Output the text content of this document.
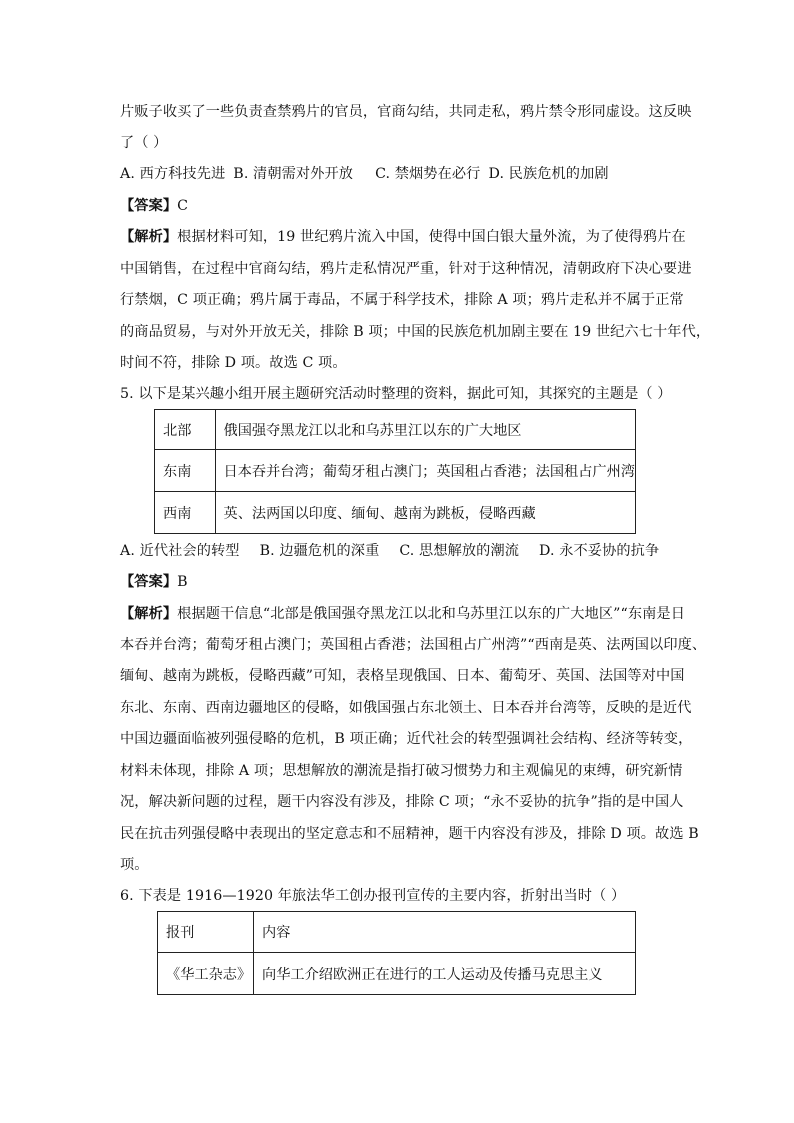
片贩子收买了一些负责查禁鸦片的官员，官商勾结，共同走私，鸦片禁令形同虚设。这反映
了（ ）
A. 西方科技先进 B. 清朝需对外开放 C. 禁烟势在必行 D. 民族危机的加剧
【答案】C
【解析】根据材料可知，19 世纪鸦片流入中国，使得中国白银大量外流，为了使得鸦片在
中国销售，在过程中官商勾结，鸦片走私情况严重，针对于这种情况，清朝政府下决心要进
行禁烟，C 项正确；鸦片属于毒品，不属于科学技术，排除 A 项；鸦片走私并不属于正常
的商品贸易，与对外开放无关，排除 B 项；中国的民族危机加剧主要在 19 世纪六七十年代，
时间不符，排除 D 项。故选 C 项。
5. 以下是某兴趣小组开展主题研究活动时整理的资料，据此可知，其探究的主题是（ ）
北部	俄国强夺黑龙江以北和乌苏里江以东的广大地区
东南	日本吞并台湾；葡萄牙租占澳门；英国租占香港；法国租占广州湾
西南	英、法两国以印度、缅甸、越南为跳板，侵略西藏
A. 近代社会的转型 B. 边疆危机的深重 C. 思想解放的潮流 D. 永不妥协的抗争
【答案】B
【解析】根据题干信息“北部是俄国强夺黑龙江以北和乌苏里江以东的广大地区”“东南是日
本吞并台湾；葡萄牙租占澳门；英国租占香港；法国租占广州湾”“西南是英、法两国以印度、
缅甸、越南为跳板，侵略西藏”可知，表格呈现俄国、日本、葡萄牙、英国、法国等对中国
东北、东南、西南边疆地区的侵略，如俄国强占东北领土、日本吞并台湾等，反映的是近代
中国边疆面临被列强侵略的危机，B 项正确；近代社会的转型强调社会结构、经济等转变，
材料未体现，排除 A 项；思想解放的潮流是指打破习惯势力和主观偏见的束缚，研究新情
况，解决新问题的过程，题干内容没有涉及，排除 C 项；“永不妥协的抗争”指的是中国人
民在抗击列强侵略中表现出的坚定意志和不屈精神，题干内容没有涉及，排除 D 项。故选 B
项。
6. 下表是 1916—1920 年旅法华工创办报刊宣传的主要内容，折射出当时（ ）
报刊	内容
《华工杂志》	向华工介绍欧洲正在进行的工人运动及传播马克思主义
